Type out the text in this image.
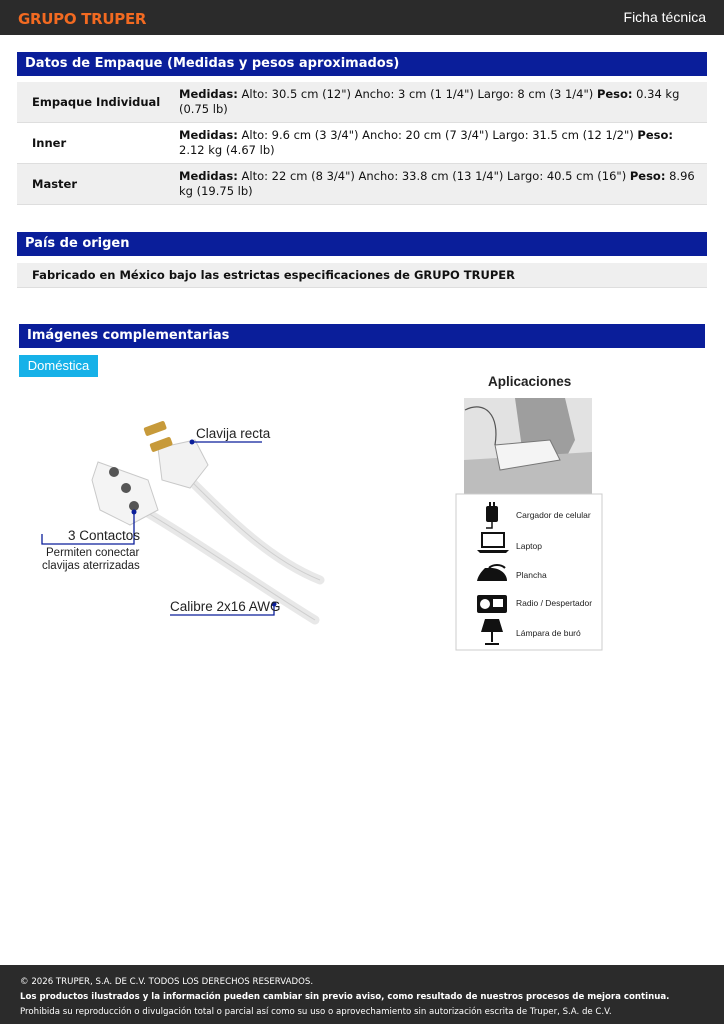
GRUPO TRUPER	Ficha técnica
Datos de Empaque (Medidas y pesos aproximados)
Empaque Individual	Medidas: Alto: 30.5 cm (12") Ancho: 3 cm (1 1/4") Largo: 8 cm (3 1/4") Peso: 0.34 kg (0.75 lb)
Inner	Medidas: Alto: 9.6 cm (3 3/4") Ancho: 20 cm (7 3/4") Largo: 31.5 cm (12 1/2") Peso: 2.12 kg (4.67 lb)
Master	Medidas: Alto: 22 cm (8 3/4") Ancho: 33.8 cm (13 1/4") Largo: 40.5 cm (16") Peso: 8.96 kg (19.75 lb)
País de origen
Fabricado en México bajo las estrictas especificaciones de GRUPO TRUPER
Imágenes complementarias
Doméstica
Clavija recta
3 Contactos
Permiten conectar
clavijas aterrizadas
Calibre 2x16 AWG
Aplicaciones
Cargador de celular
Laptop
Plancha
Radio / Despertador
Lámpara de buró
© 2026 TRUPER, S.A. DE C.V. TODOS LOS DERECHOS RESERVADOS.
Los productos ilustrados y la información pueden cambiar sin previo aviso, como resultado de nuestros procesos de mejora continua.
Prohibida su reproducción o divulgación total o parcial así como su uso o aprovechamiento sin autorización escrita de Truper, S.A. de C.V.
